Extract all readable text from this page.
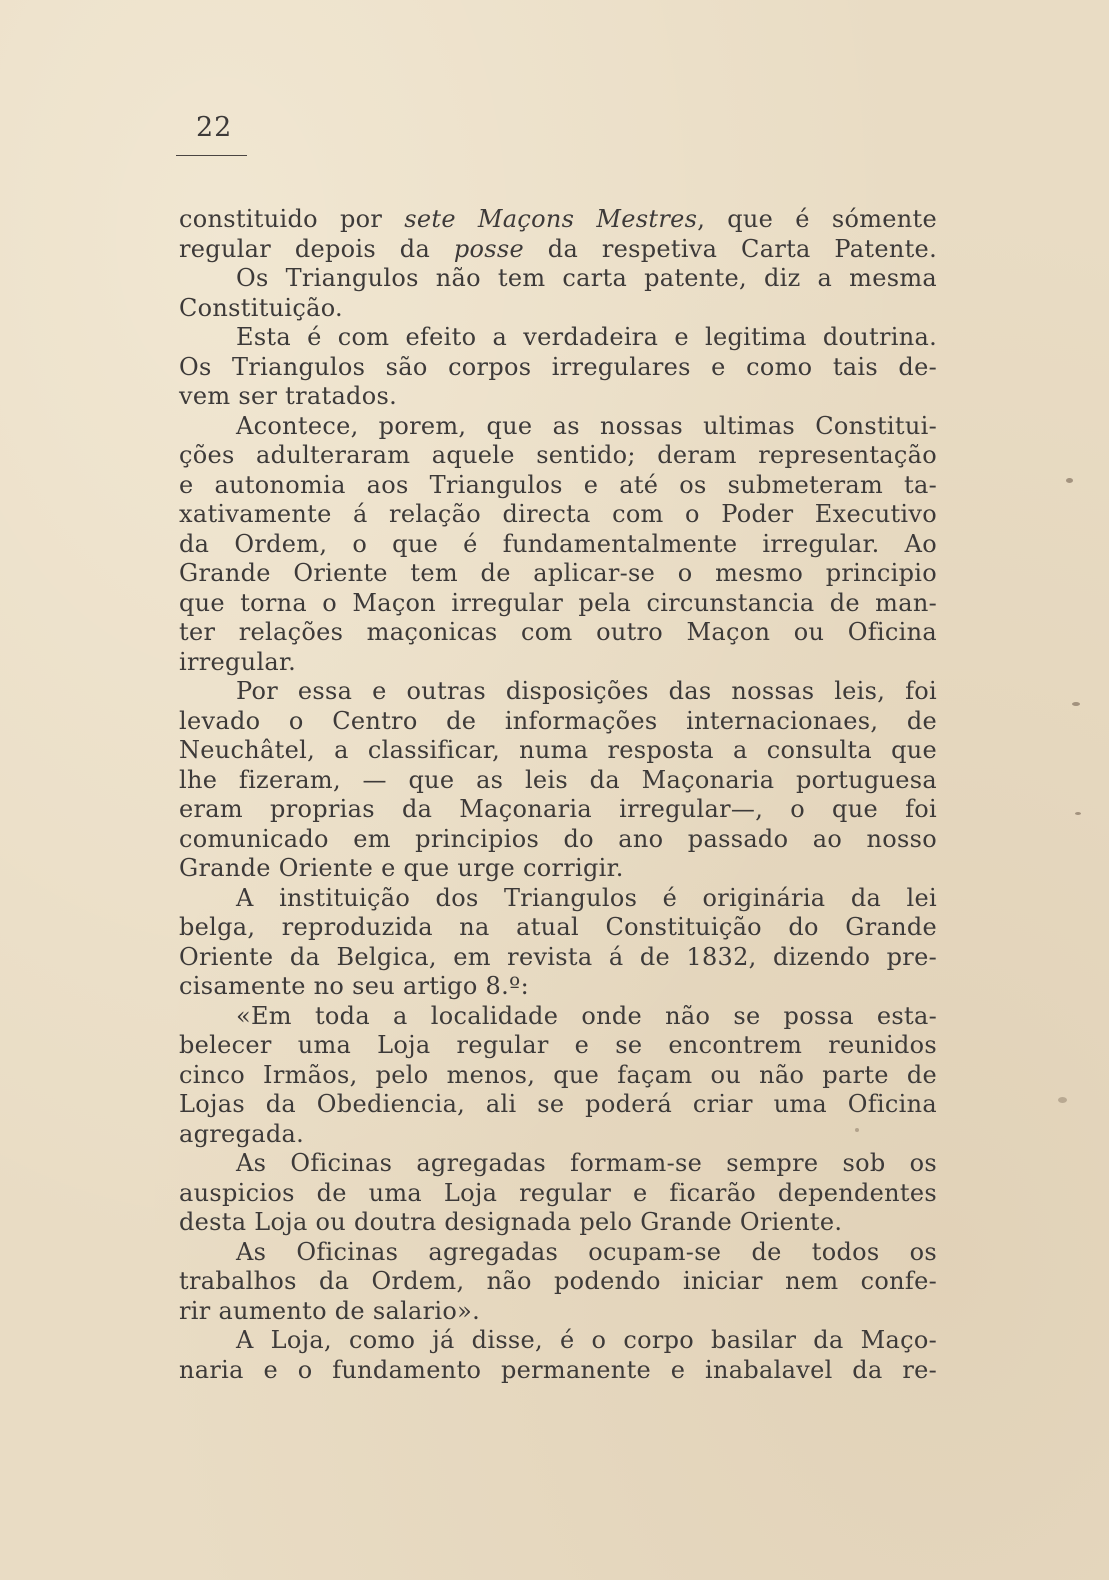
22
constituido por sete Maçons Mestres, que é sómente
regular depois da posse da respetiva Carta Patente.
Os Triangulos não tem carta patente, diz a mesma
Constituição.
Esta é com efeito a verdadeira e legitima doutrina.
Os Triangulos são corpos irregulares e como tais de-
vem ser tratados.
Acontece, porem, que as nossas ultimas Constitui-
ções adulteraram aquele sentido; deram representação
e autonomia aos Triangulos e até os submeteram ta-
xativamente á relação directa com o Poder Executivo
da Ordem, o que é fundamentalmente irregular. Ao
Grande Oriente tem de aplicar-se o mesmo principio
que torna o Maçon irregular pela circunstancia de man-
ter relações maçonicas com outro Maçon ou Oficina
irregular.
Por essa e outras disposições das nossas leis, foi
levado o Centro de informações internacionaes, de
Neuchâtel, a classificar, numa resposta a consulta que
lhe fizeram, — que as leis da Maçonaria portuguesa
eram proprias da Maçonaria irregular—, o que foi
comunicado em principios do ano passado ao nosso
Grande Oriente e que urge corrigir.
A instituição dos Triangulos é originária da lei
belga, reproduzida na atual Constituição do Grande
Oriente da Belgica, em revista á de 1832, dizendo pre-
cisamente no seu artigo 8.º:
«Em toda a localidade onde não se possa esta-
belecer uma Loja regular e se encontrem reunidos
cinco Irmãos, pelo menos, que façam ou não parte de
Lojas da Obediencia, ali se poderá criar uma Oficina
agregada.
As Oficinas agregadas formam-se sempre sob os
auspicios de uma Loja regular e ficarão dependentes
desta Loja ou doutra designada pelo Grande Oriente.
As Oficinas agregadas ocupam-se de todos os
trabalhos da Ordem, não podendo iniciar nem confe-
rir aumento de salario».
A Loja, como já disse, é o corpo basilar da Maço-
naria e o fundamento permanente e inabalavel da re-
